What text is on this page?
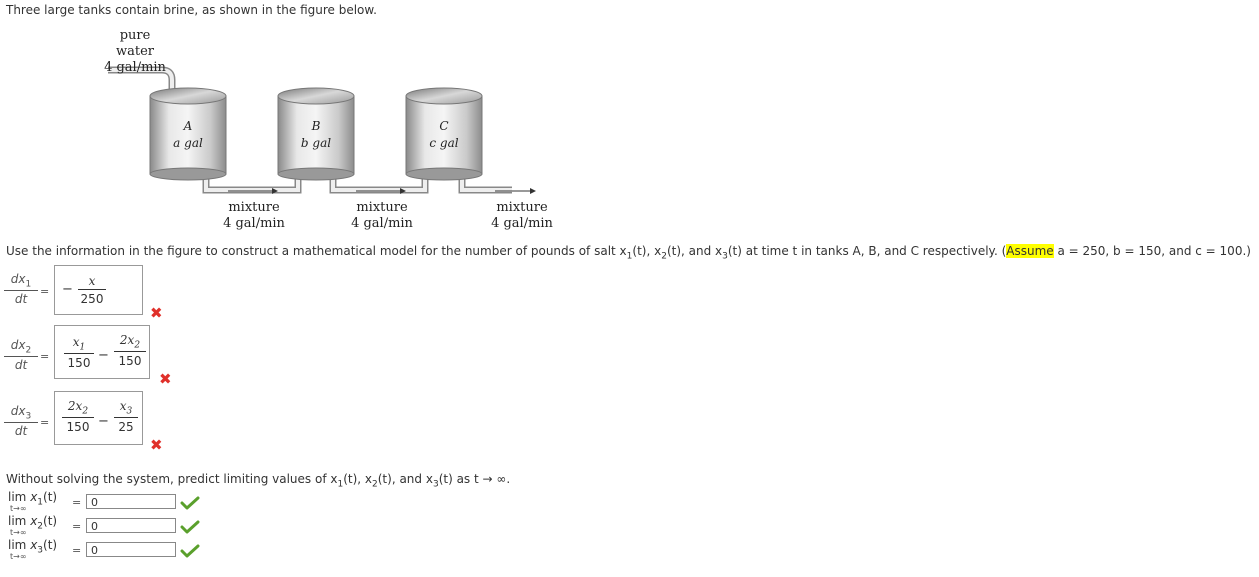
Three large tanks contain brine, as shown in the figure below.
pure water
4 gal/min
A
a gal
B
b gal
C
c gal
mixture
4 gal/min
mixture
4 gal/min
mixture
4 gal/min
Use the information in the figure to construct a mathematical model for the number of pounds of salt $x_1(t)$, $x_2(t)$, and $x_3(t)$ at time t in tanks A, B, and C respectively. (Assume a = 250, b = 150, and c = 100.)
$\frac{dx_1}{dt}$ = − $\frac{x}{250}$
✖
$\frac{dx_2}{dt} = \frac{x_1}{150} - \frac{2x_2}{150}$
✖
$\frac{dx_3}{dt} = \frac{2x_2}{150} - \frac{x_3}{25}$
✖
Without solving the system, predict limiting values of $x_1(t)$, $x_2(t)$, and $x_3(t)$ as t → ∞.
$\lim x_1(t)$
t→∞	= 0
$\lim x_2(t)$
t→∞	= 0
$\lim x_3(t)$
t→∞	= 0
